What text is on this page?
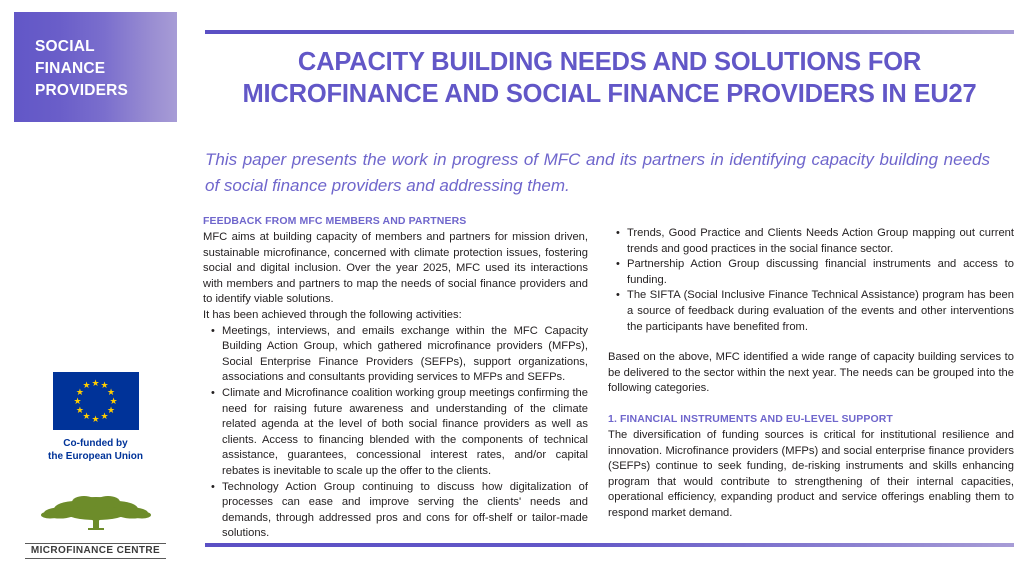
SOCIAL
FINANCE
PROVIDERS
★ ★
★
★
★
★
★
★
★
★
★
★
Co-funded by
the European Union
MICROFINANCE CENTRE
CAPACITY BUILDING NEEDS AND SOLUTIONS FOR MICROFINANCE AND SOCIAL FINANCE PROVIDERS IN EU27
This paper presents the work in progress of MFC and its partners in identifying capacity building needs of social finance providers and addressing them.
FEEDBACK FROM MFC MEMBERS AND PARTNERS

MFC aims at building capacity of members and partners for mission driven, sustainable microfinance, concerned with climate protection issues, fostering social and digital inclusion. Over the year 2025, MFC used its interactions with members and partners to map the needs of social finance providers and to identify viable solutions.

It has been achieved through the following activities:

• Meetings, interviews, and emails exchange within the MFC Capacity Building Action Group, which gathered microfinance providers (MFPs), Social Enterprise Finance Providers (SEFPs), support organizations, associations and consultants providing services to MFPs and SEFPs.
• Climate and Microfinance coalition working group meetings confirming the need for raising future awareness and understanding of the climate related agenda at the level of both social finance providers as well as clients. Access to financing blended with the components of technical assistance, guarantees, concessional interest rates, and/or capital rebates is inevitable to scale up the offer to the clients.
• Technology Action Group continuing to discuss how digitalization of processes can ease and improve serving the clients' needs and demands, through addressed pros and cons for off-shelf or tailor-made solutions.
• Trends, Good Practice and Clients Needs Action Group mapping out current trends and good practices in the social finance sector.
• Partnership Action Group discussing financial instruments and access to funding.
• The SIFTA (Social Inclusive Finance Technical Assistance) program has been a source of feedback during evaluation of the events and other interventions the participants have benefited from.

Based on the above, MFC identified a wide range of capacity building services to be delivered to the sector within the next year. The needs can be grouped into the following categories.

1. FINANCIAL INSTRUMENTS AND EU-LEVEL SUPPORT

The diversification of funding sources is critical for institutional resilience and innovation. Microfinance providers (MFPs) and social enterprise finance providers (SEFPs) continue to seek funding, de-risking instruments and skills enhancing program that would contribute to strengthening of their internal capacities, operational efficiency, expanding product and service offerings enabling them to respond market demand.
